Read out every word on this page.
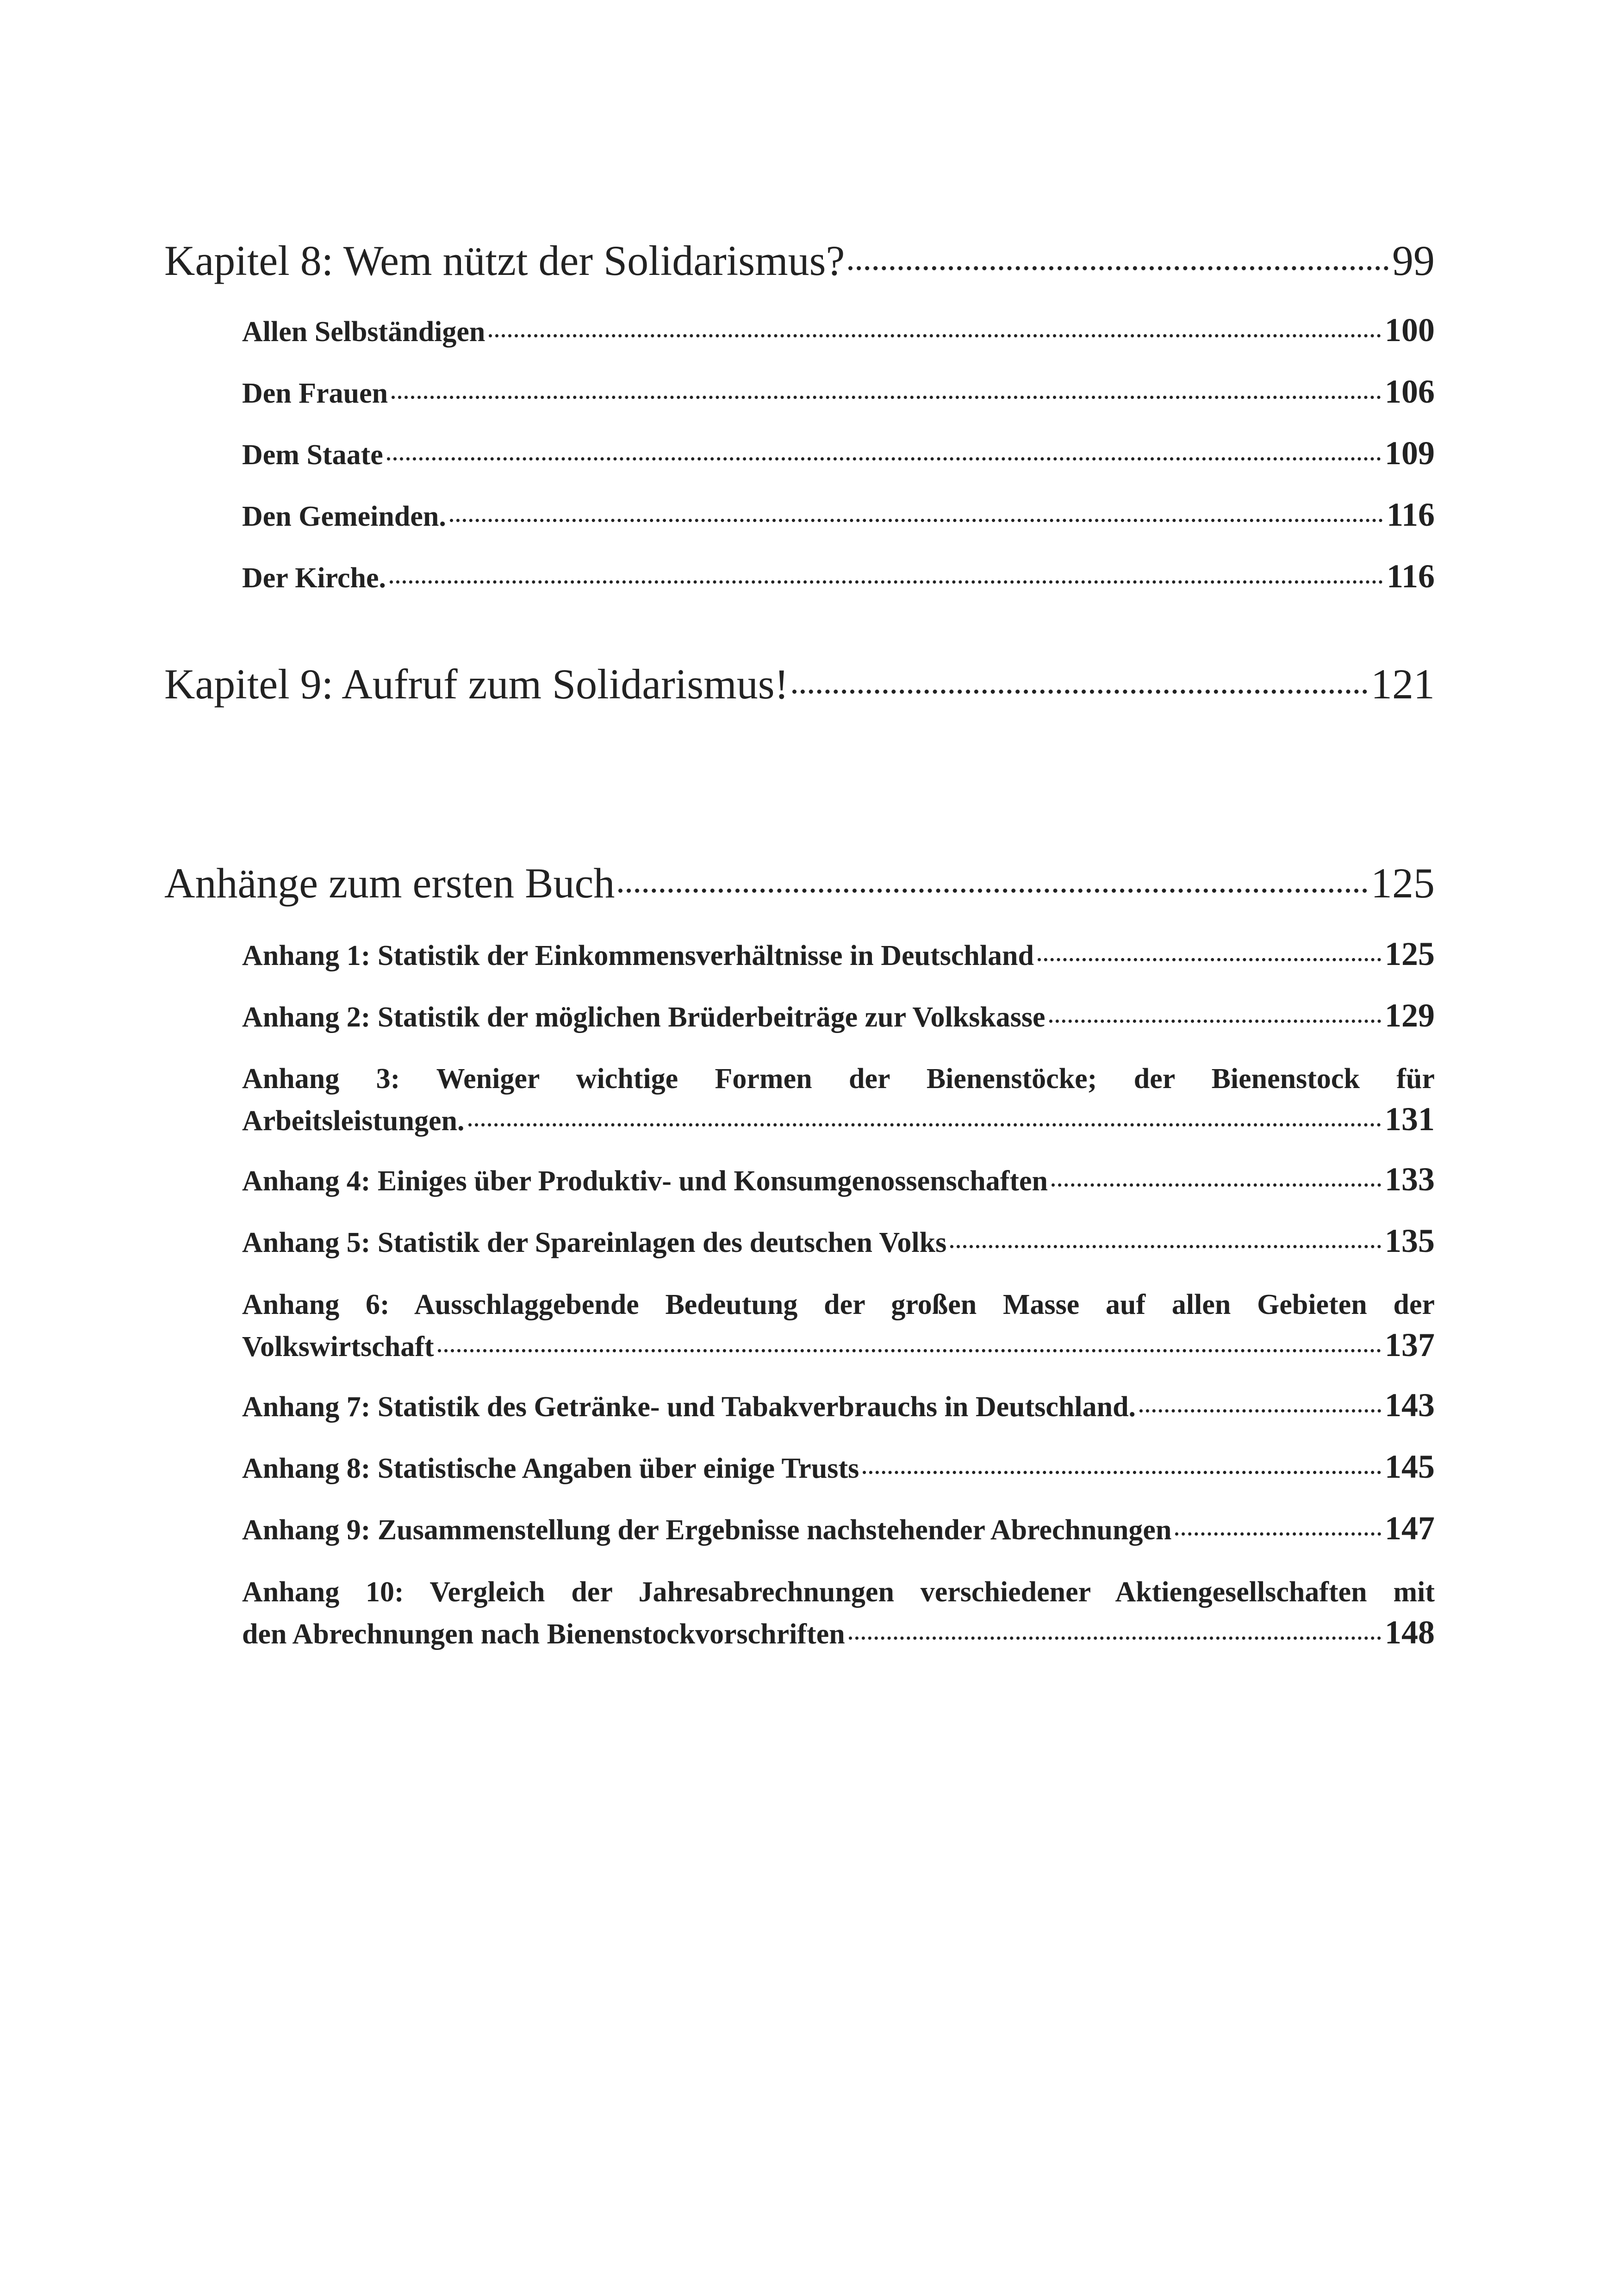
Kapitel 8: Wem nützt der Solidarismus?	99
Allen Selbständigen	100
Den Frauen	106
Dem Staate	109
Den Gemeinden.	116
Der Kirche.	116
Kapitel 9: Aufruf zum Solidarismus!	121
Anhänge zum ersten Buch	125
Anhang 1: Statistik der Einkommensverhältnisse in Deutschland	125
Anhang 2: Statistik der möglichen Brüderbeiträge zur Volkskasse	129
Anhang 3: Weniger wichtige Formen der Bienenstöcke; der Bienenstock für
Arbeitsleistungen.	131
Anhang 4: Einiges über Produktiv- und Konsumgenossenschaften	133
Anhang 5: Statistik der Spareinlagen des deutschen Volks	135
Anhang 6: Ausschlaggebende Bedeutung der großen Masse auf allen Gebieten der
Volkswirtschaft	137
Anhang 7: Statistik des Getränke- und Tabakverbrauchs in Deutschland.	143
Anhang 8: Statistische Angaben über einige Trusts	145
Anhang 9: Zusammenstellung der Ergebnisse nachstehender Abrechnungen	147
Anhang 10: Vergleich der Jahresabrechnungen verschiedener Aktiengesellschaften mit
den Abrechnungen nach Bienenstockvorschriften	148
